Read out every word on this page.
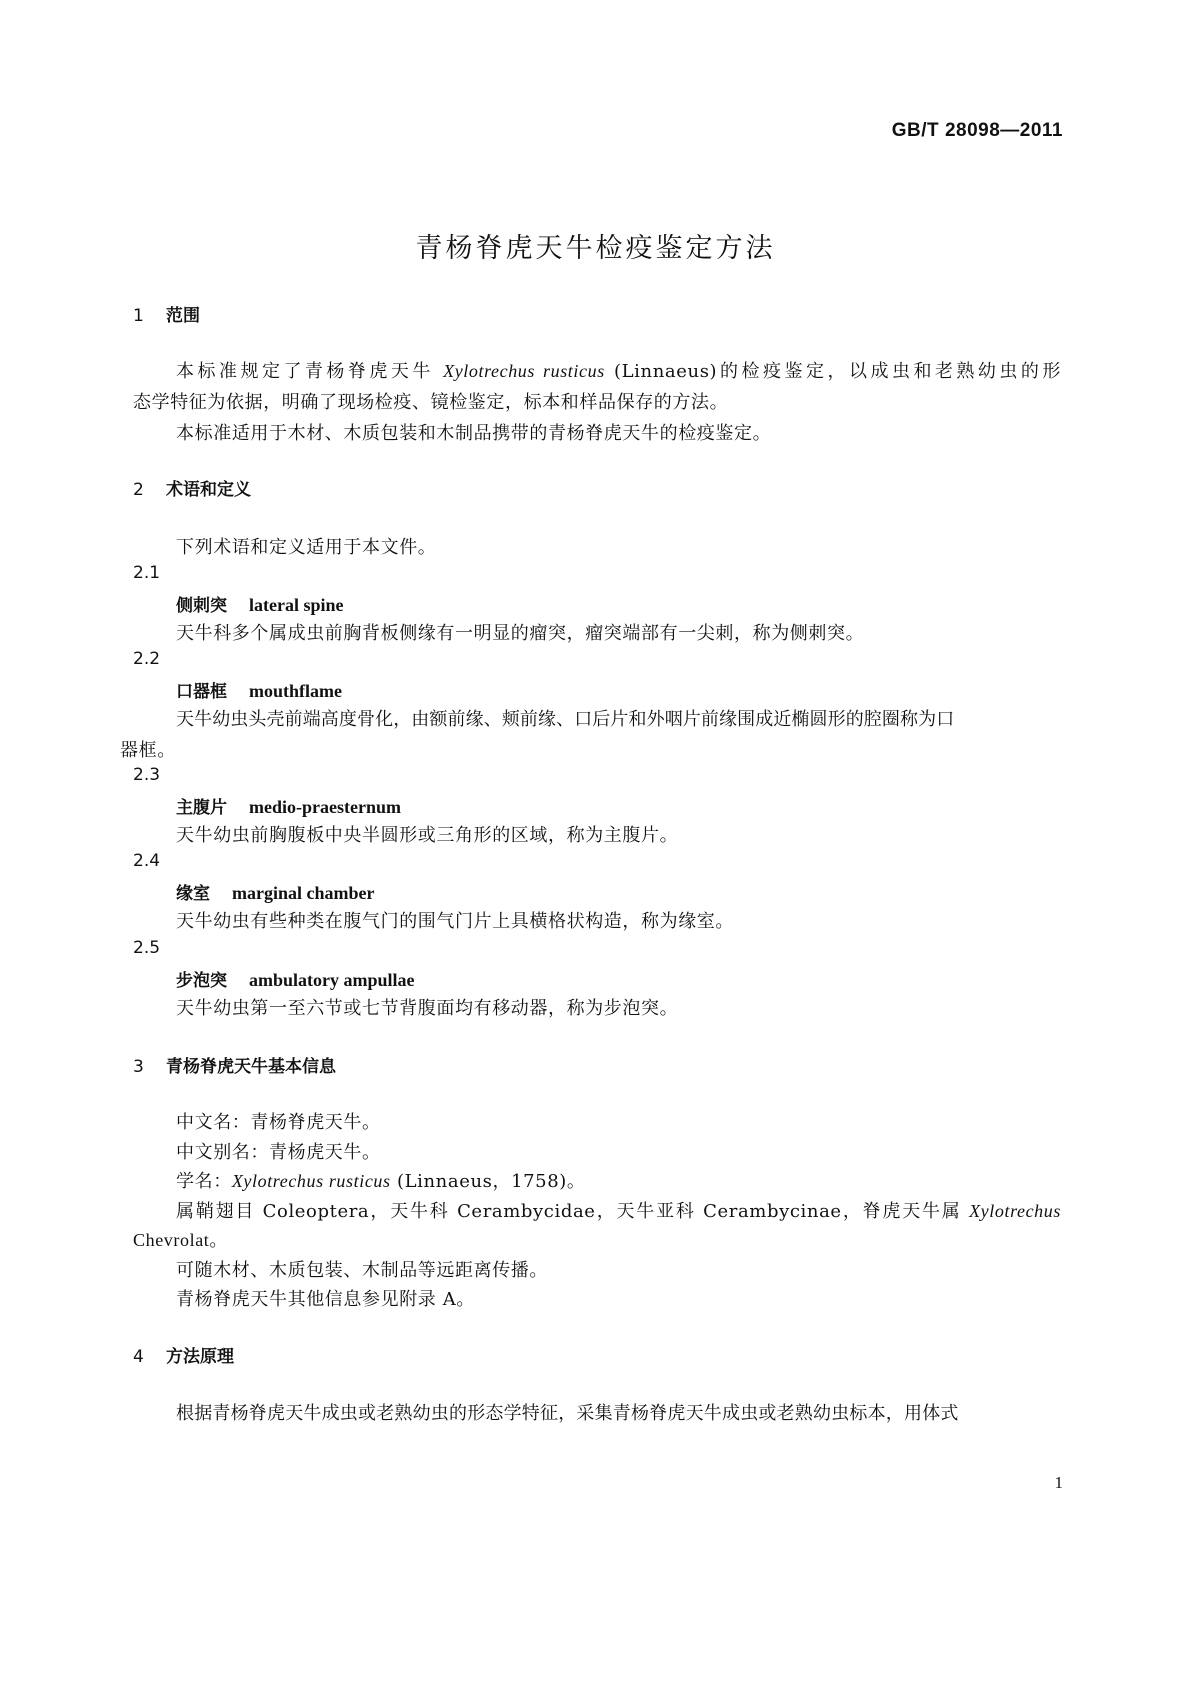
GB/T 28098—2011
青杨脊虎天牛检疫鉴定方法
1 范围
本标准规定了青杨脊虎天牛 Xylotrechus rusticus (Linnaeus)的检疫鉴定，以成虫和老熟幼虫的形
态学特征为依据，明确了现场检疫、镜检鉴定，标本和样品保存的方法。
本标准适用于木材、木质包装和木制品携带的青杨脊虎天牛的检疫鉴定。
2 术语和定义
下列术语和定义适用于本文件。
2.1
侧刺突 lateral spine
天牛科多个属成虫前胸背板侧缘有一明显的瘤突，瘤突端部有一尖刺，称为侧刺突。
2.2
口器框 mouthflame
天牛幼虫头壳前端高度骨化，由额前缘、颊前缘、口后片和外咽片前缘围成近椭圆形的腔圈称为口
器框。
2.3
主腹片 medio-praesternum
天牛幼虫前胸腹板中央半圆形或三角形的区域，称为主腹片。
2.4
缘室 marginal chamber
天牛幼虫有些种类在腹气门的围气门片上具横格状构造，称为缘室。
2.5
步泡突 ambulatory ampullae
天牛幼虫第一至六节或七节背腹面均有移动器，称为步泡突。
3 青杨脊虎天牛基本信息
中文名：青杨脊虎天牛。
中文别名：青杨虎天牛。
学名：Xylotrechus rusticus (Linnaeus，1758)。
属鞘翅目 Coleoptera，天牛科 Cerambycidae，天牛亚科 Cerambycinae，脊虎天牛属 Xylotrechus
Chevrolat。
可随木材、木质包装、木制品等远距离传播。
青杨脊虎天牛其他信息参见附录 A。
4 方法原理
根据青杨脊虎天牛成虫或老熟幼虫的形态学特征，采集青杨脊虎天牛成虫或老熟幼虫标本，用体式
1
